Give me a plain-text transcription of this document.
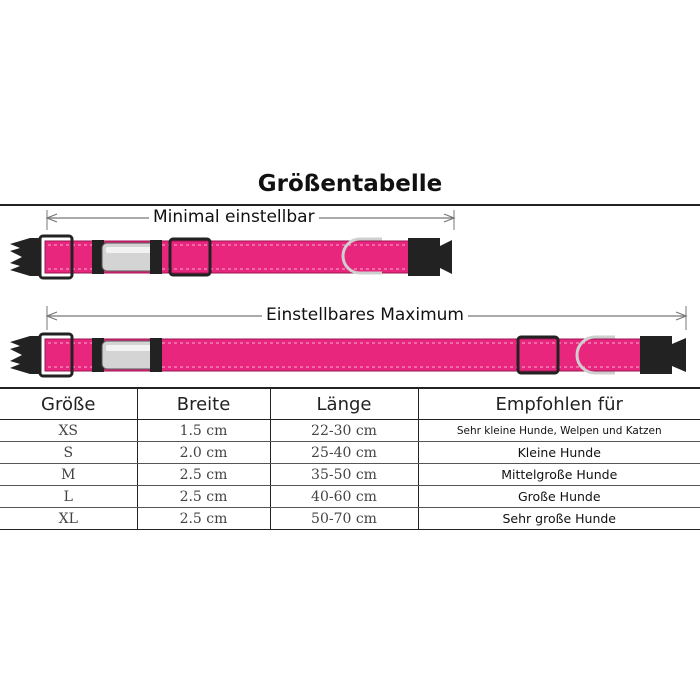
Größentabelle
Minimal einstellbar
Einstellbares Maximum
Größe	Breite	Länge	Empfohlen für
XS	1.5 cm	22-30 cm	Sehr kleine Hunde, Welpen und Katzen
S	2.0 cm	25-40 cm	Kleine Hunde
M	2.5 cm	35-50 cm	Mittelgroße Hunde
L	2.5 cm	40-60 cm	Große Hunde
XL	2.5 cm	50-70 cm	Sehr große Hunde
